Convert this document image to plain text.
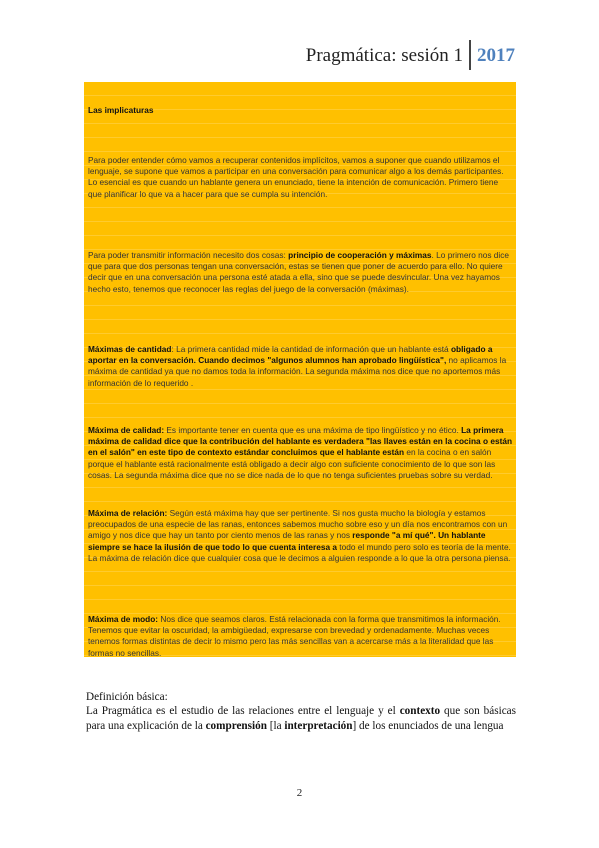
Pragmática: sesión 1 2017

Las implicaturas

Para poder entender cómo vamos a recuperar contenidos implícitos, vamos a suponer que cuando utilizamos el lenguaje, se supone que vamos a participar en una conversación para comunicar algo a los demás participantes. Lo esencial es que cuando un hablante genera un enunciado, tiene la intención de comunicación. Primero tiene que planificar lo que va a hacer para que se cumpla su intención.

Para poder transmitir información necesito dos cosas: principio de cooperación y máximas. Lo primero nos dice que para que dos personas tengan una conversación, estas se tienen que poner de acuerdo para ello. No quiere decir que en una conversación una persona esté atada a ella, sino que se puede desvincular. Una vez hayamos hecho esto, tenemos que reconocer las reglas del juego de la conversación (máximas).

Máximas de cantidad: La primera cantidad mide la cantidad de información que un hablante está obligado a aportar en la conversación. Cuando decimos "algunos alumnos han aprobado lingüística", no aplicamos la máxima de cantidad ya que no damos toda la información. La segunda máxima nos dice que no aportemos más información de lo requerido .

Máxima de calidad: Es importante tener en cuenta que es una máxima de tipo lingüístico y no ético. La primera máxima de calidad dice que la contribución del hablante es verdadera "las llaves están en la cocina o están en el salón" en este tipo de contexto estándar concluimos que el hablante están en la cocina o en salón porque el hablante está racionalmente está obligado a decir algo con suficiente conocimiento de lo que son las cosas. La segunda máxima dice que no se dice nada de lo que no tenga suficientes pruebas sobre su verdad.

Máxima de relación: Según está máxima hay que ser pertinente. Si nos gusta mucho la biología y estamos preocupados de una especie de las ranas, entonces sabemos mucho sobre eso y un día nos encontramos con un amigo y nos dice que hay un tanto por ciento menos de las ranas y nos responde "a mí qué". Un hablante siempre se hace la ilusión de que todo lo que cuenta interesa a todo el mundo pero solo es teoría de la mente. La máxima de relación dice que cualquier cosa que le decimos a alguien responde a lo que la otra persona piensa.

Máxima de modo: Nos dice que seamos claros. Está relacionada con la forma que transmitimos la información. Tenemos que evitar la oscuridad, la ambigüedad, expresarse con brevedad y ordenadamente. Muchas veces tenemos formas distintas de decir lo mismo pero las más sencillas van a acercarse más a la literalidad que las formas no sencillas.

Definición básica:
La Pragmática es el estudio de las relaciones entre el lenguaje y el contexto que son básicas para una explicación de la comprensión [la interpretación] de los enunciados de una lengua
2
